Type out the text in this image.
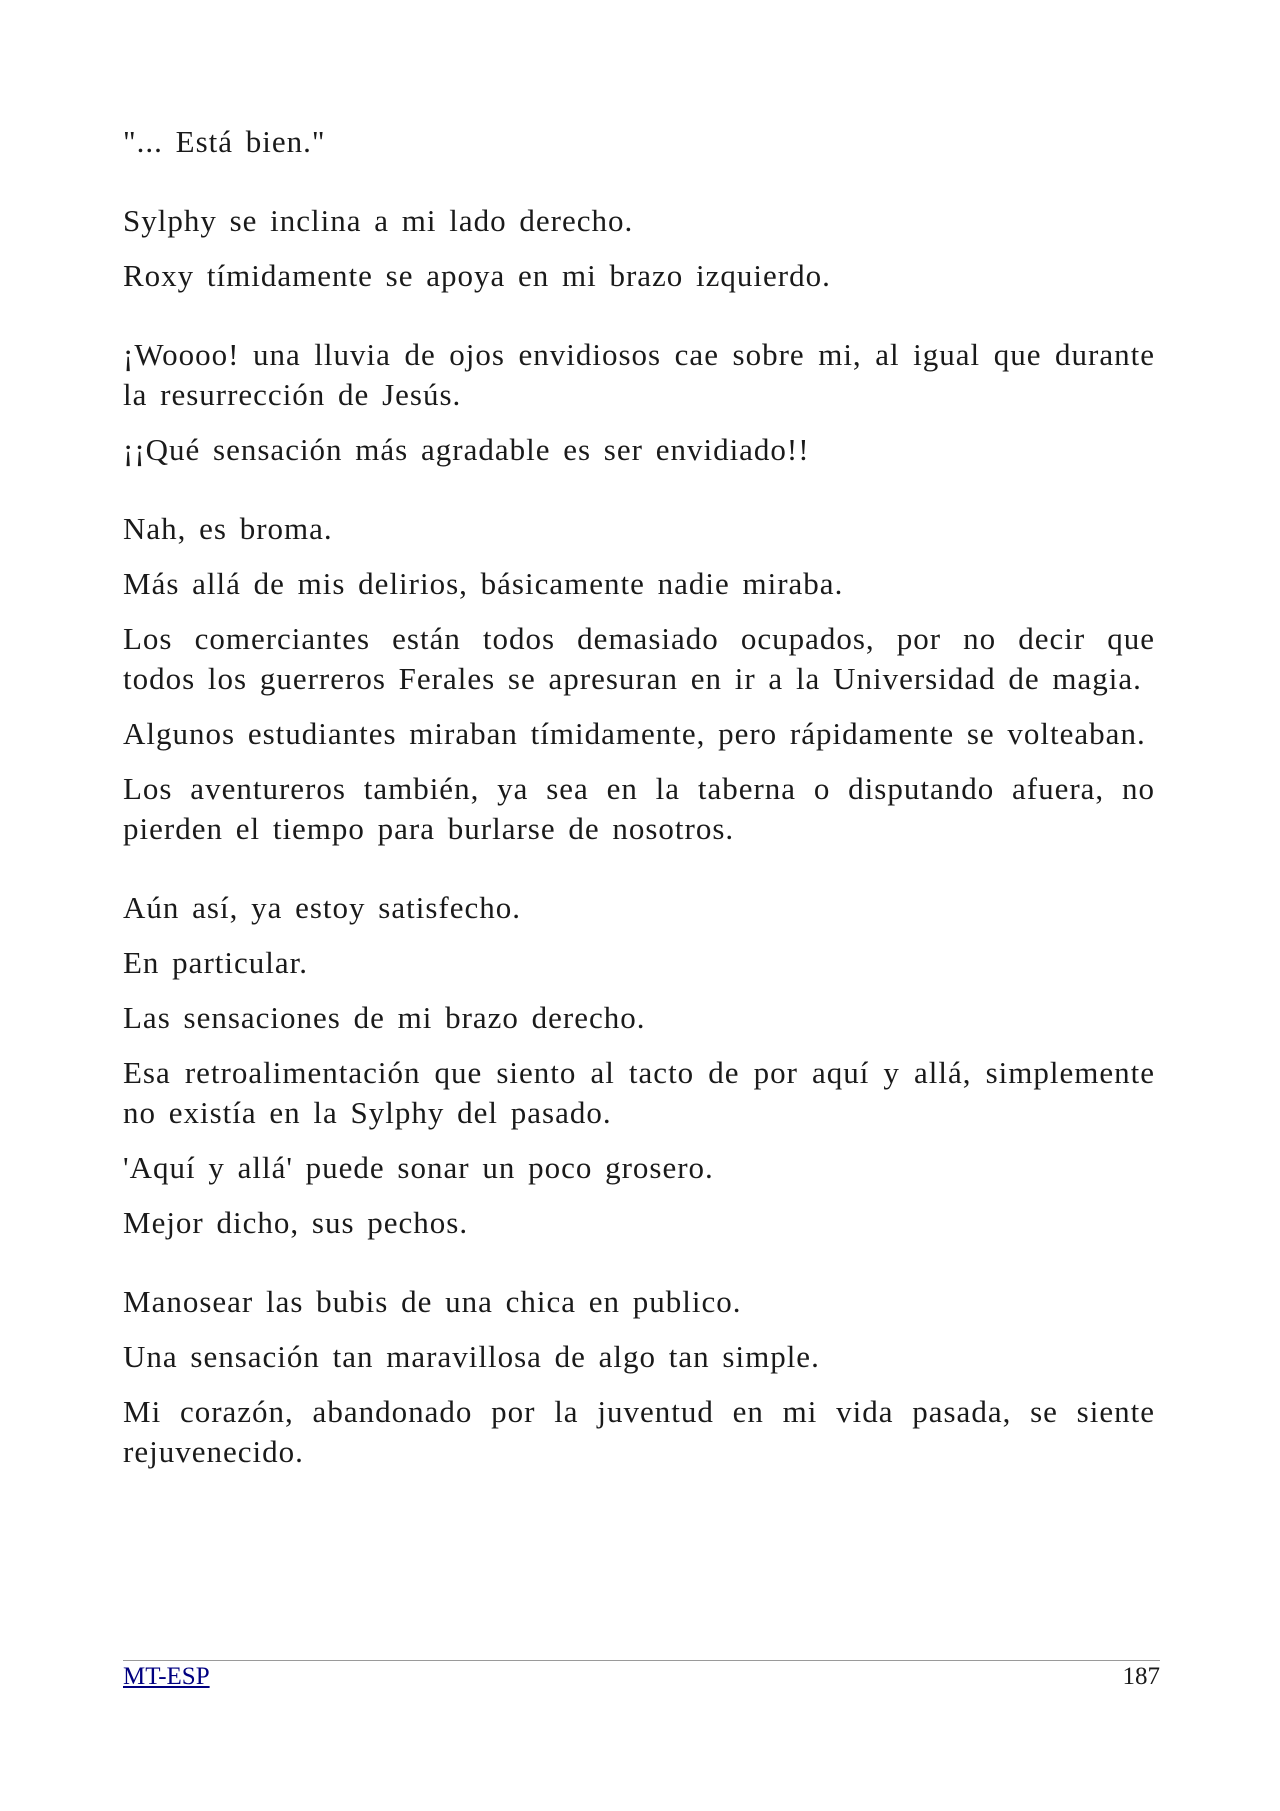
"... Está bien."

Sylphy se inclina a mi lado derecho.

Roxy tímidamente se apoya en mi brazo izquierdo.

¡Woooo! una lluvia de ojos envidiosos cae sobre mi, al igual que durante la resurrección de Jesús.

¡¡Qué sensación más agradable es ser envidiado!!

Nah, es broma.

Más allá de mis delirios, básicamente nadie miraba.

Los comerciantes están todos demasiado ocupados, por no decir que todos los guerreros Ferales se apresuran en ir a la Universidad de magia.

Algunos estudiantes miraban tímidamente, pero rápidamente se volteaban.

Los aventureros también, ya sea en la taberna o disputando afuera, no pierden el tiempo para burlarse de nosotros.

Aún así, ya estoy satisfecho.

En particular.

Las sensaciones de mi brazo derecho.

Esa retroalimentación que siento al tacto de por aquí y allá, simplemente no existía en la Sylphy del pasado.

'Aquí y allá' puede sonar un poco grosero.

Mejor dicho, sus pechos.

Manosear las bubis de una chica en publico.

Una sensación tan maravillosa de algo tan simple.

Mi corazón, abandonado por la juventud en mi vida pasada, se siente rejuvenecido.

MT-ESP	187
